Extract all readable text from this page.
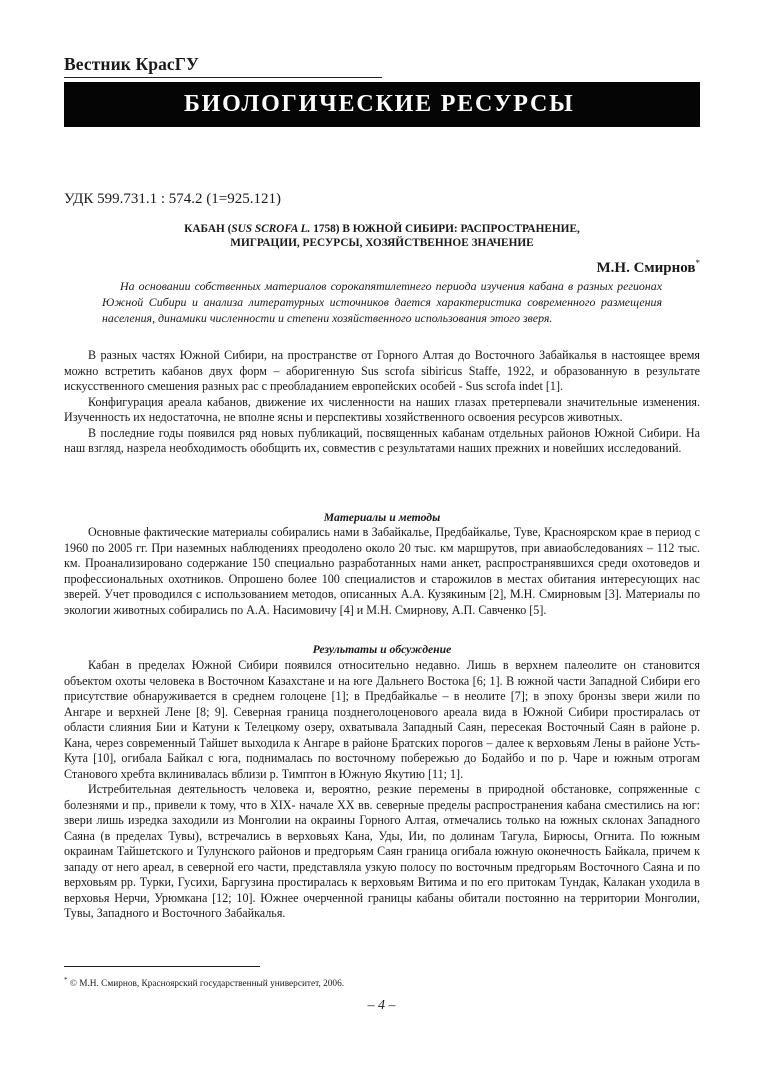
Вестник КрасГУ
БИОЛОГИЧЕСКИЕ РЕСУРСЫ
УДК 599.731.1 : 574.2 (1=925.121)
КАБАН (SUS SCROFA L. 1758) В ЮЖНОЙ СИБИРИ: РАСПРОСТРАНЕНИЕ,
МИГРАЦИИ, РЕСУРСЫ, ХОЗЯЙСТВЕННОЕ ЗНАЧЕНИЕ
М.Н. Смирнов*
На основании собственных материалов сорокапятилетнего периода изучения кабана в разных регионах Южной Сибири и анализа литературных источников дается характеристика современного размещения населения, динамики численности и степени хозяйственного использования этого зверя.

В разных частях Южной Сибири, на пространстве от Горного Алтая до Восточного Забайкалья в настоящее время можно встретить кабанов двух форм – аборигенную Sus scrofa sibiricus Staffe, 1922, и образованную в результате искусственного смешения разных рас с преобладанием европейских особей - Sus scrofa indet [1].

Конфигурация ареала кабанов, движение их численности на наших глазах претерпевали значительные изменения. Изученность их недостаточна, не вполне ясны и перспективы хозяйственного освоения ресурсов животных.

В последние годы появился ряд новых публикаций, посвященных кабанам отдельных районов Южной Сибири. На наш взгляд, назрела необходимость обобщить их, совместив с результатами наших прежних и новейших исследований.

Материалы и методы

Основные фактические материалы собирались нами в Забайкалье, Предбайкалье, Туве, Красноярском крае в период с 1960 по 2005 гг. При наземных наблюдениях преодолено около 20 тыс. км маршрутов, при авиаобследованиях – 112 тыс. км. Проанализировано содержание 150 специально разработанных нами анкет, распространявшихся среди охотоведов и профессиональных охотников. Опрошено более 100 специалистов и старожилов в местах обитания интересующих нас зверей. Учет проводился с использованием методов, описанных А.А. Кузякиным [2], М.Н. Смирновым [3]. Материалы по экологии животных собирались по А.А. Насимовичу [4] и М.Н. Смирнову, А.П. Савченко [5].

Результаты и обсуждение

Кабан в пределах Южной Сибири появился относительно недавно. Лишь в верхнем палеолите он становится объектом охоты человека в Восточном Казахстане и на юге Дальнего Востока [6; 1]. В южной части Западной Сибири его присутствие обнаруживается в среднем голоцене [1]; в Предбайкалье – в неолите [7]; в эпоху бронзы звери жили по Ангаре и верхней Лене [8; 9]. Северная граница позднеголоценового ареала вида в Южной Сибири простиралась от области слияния Бии и Катуни к Телецкому озеру, охватывала Западный Саян, пересекая Восточный Саян в районе р. Кана, через современный Тайшет выходила к Ангаре в районе Братских порогов – далее к верховьям Лены в районе Усть-Кута [10], огибала Байкал с юга, поднималась по восточному побережью до Бодайбо и по р. Чаре и южным отрогам Станового хребта вклинивалась вблизи р. Тимптон в Южную Якутию [11; 1].

Истребительная деятельность человека и, вероятно, резкие перемены в природной обстановке, сопряженные с болезнями и пр., привели к тому, что в XIX- начале XX вв. северные пределы распространения кабана сместились на юг: звери лишь изредка заходили из Монголии на окраины Горного Алтая, отмечались только на южных склонах Западного Саяна (в пределах Тувы), встречались в верховьях Кана, Уды, Ии, по долинам Тагула, Бирюсы, Огнита. По южным окраинам Тайшетского и Тулунского районов и предгорьям Саян граница огибала южную оконечность Байкала, причем к западу от него ареал, в северной его части, представляла узкую полосу по восточным предгорьям Восточного Саяна и по верховьям рр. Турки, Гусихи, Баргузина простиралась к верховьям Витима и по его притокам Тундак, Калакан уходила в верховья Нерчи, Урюмкана [12; 10]. Южнее очерченной границы кабаны обитали постоянно на территории Монголии, Тувы, Западного и Восточного Забайкалья.

* © М.Н. Смирнов, Красноярский государственный университет, 2006.
– 4 –
